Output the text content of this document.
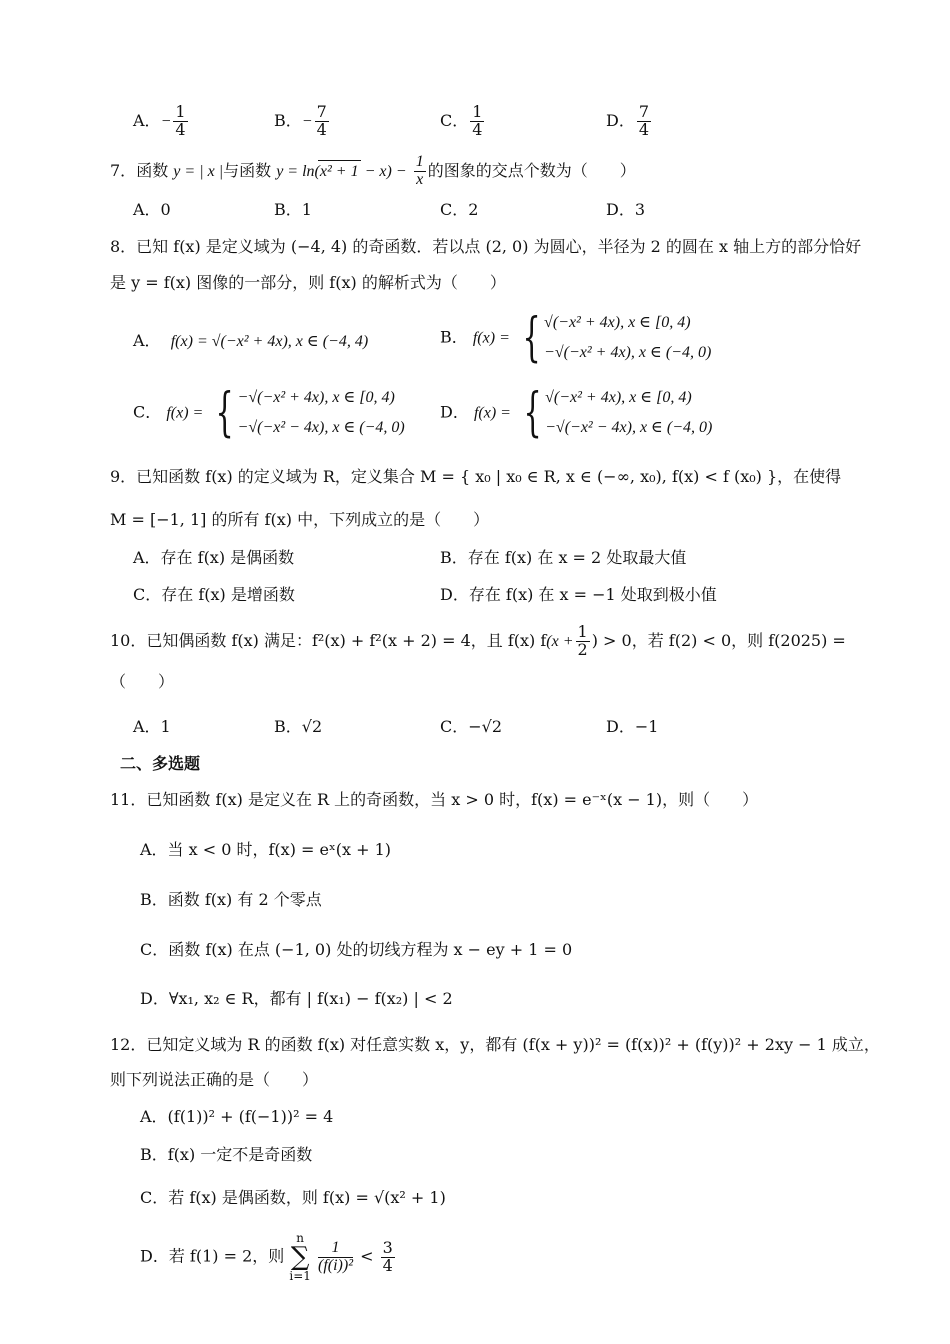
A．− $\frac{1}{4}$	B．− $\frac{7}{4}$	C． $\frac{1}{4}$	D． $\frac{7}{4}$
7．函数 y = | x |与函数 $y = \ln(x^2 + 1 - x) - \frac{1}{x}$ 的图象的交点个数为（　　）
A．0	B．1	C．2	D．3
8．已知 f(x) 是定义域为 (−4, 4) 的奇函数．若以点 (2, 0) 为圆心，半径为 2 的圆在 x 轴上方的部分恰好
是 y = f(x) 图像的一部分，则 f(x) 的解析式为（　　）
A． f(x) = √(−x² + 4x), x ∈ (−4, 4)	B． f(x) = { √(−x² + 4x), x ∈ [0, 4)
−√(−x² + 4x), x ∈ (−4, 0)
C． f(x) = { −√(−x² + 4x), x ∈ [0, 4)
−√(−x² − 4x), x ∈ (−4, 0)
D． f(x) = { √(−x² + 4x), x ∈ [0, 4)
−√(−x² − 4x), x ∈ (−4, 0)
9．已知函数 f(x) 的定义域为 R，定义集合 M = { x₀ | x₀ ∈ R, x ∈ (−∞, x₀), f(x) < f (x₀) }，在使得
M = [−1, 1] 的所有 f(x) 中，下列成立的是（　　）
A．存在 f(x) 是偶函数	B．存在 f(x) 在 x = 2 处取最大值
C．存在 f(x) 是增函数	D．存在 f(x) 在 x = −1 处取到极小值
10．已知偶函数 f(x) 满足：f²(x) + f²(x + 2) = 4，且 f(x) $f(x + \frac{1}{2}$ ) > 0，若 f(2) < 0，则 f(2025) =
（　　）
A．1	B．√2	C．−√2	D．−1
二、多选题
11．已知函数 f(x) 是定义在 R 上的奇函数，当 x > 0 时，f(x) = e⁻ˣ(x − 1)，则（　　）
A．当 x < 0 时，f(x) = eˣ(x + 1)
B．函数 f(x) 有 2 个零点
C．函数 f(x) 在点 (−1, 0) 处的切线方程为 x − ey + 1 = 0
D．∀x₁, x₂ ∈ R，都有 | f(x₁) − f(x₂) | < 2
12．已知定义域为 R 的函数 f(x) 对任意实数 x，y，都有 (f(x + y))² = (f(x))² + (f(y))² + 2xy − 1 成立，
则下列说法正确的是（　　）
A．(f(1))² + (f(−1))² = 4
B．f(x) 一定不是奇函数
C．若 f(x) 是偶函数，则 f(x) = √(x² + 1)
D．若 f(1) = 2，则 n
∑
i=1
$\frac{1}{\text{(f(i))²}} < \frac{3}{4}$
